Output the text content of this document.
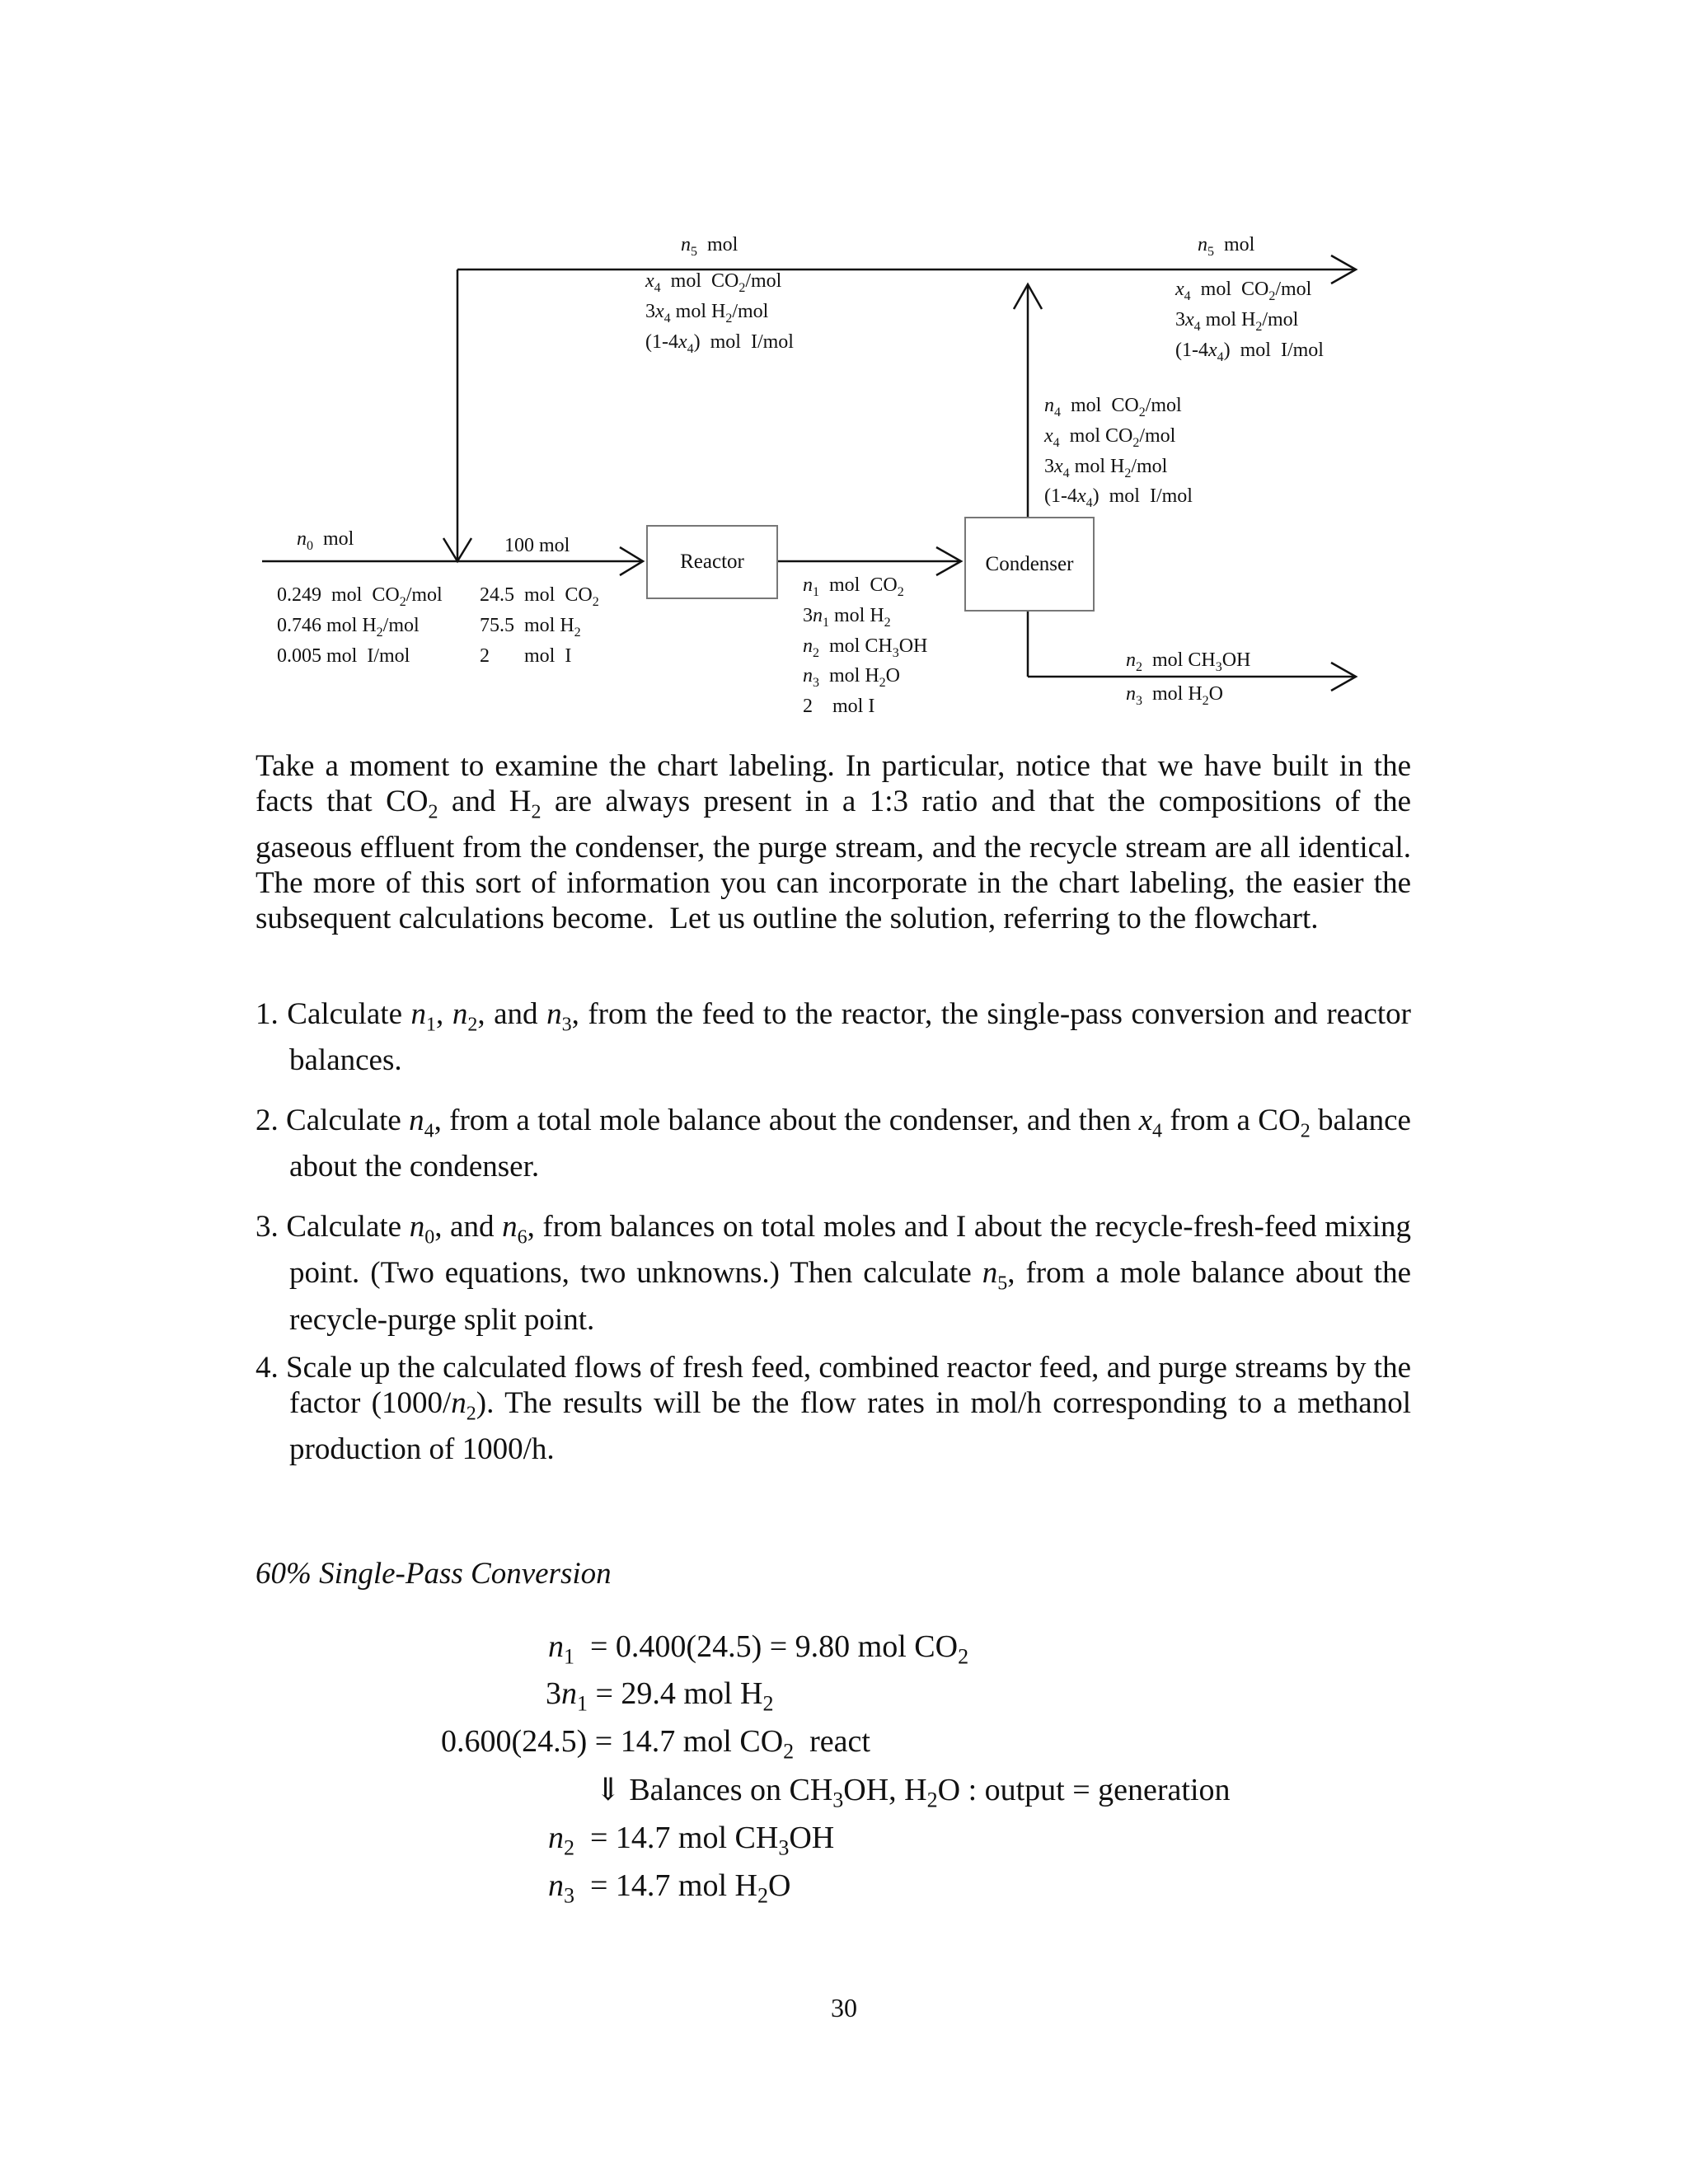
Reactor	Condenser
$n_5$  mol
$x_4$  mol  $CO_2$/mol
$3x_4$ mol $H_2$/mol
$(1-4x_4)$  mol  I/mol
$n_5$  mol
$x_4$  mol  $CO_2$/mol
$3x_4$ mol $H_2$/mol
$(1-4x_4)$  mol  I/mol
$n_4$  mol  $CO_2$/mol
$x_4$  mol $CO_2$/mol
$3x_4$ mol $H_2$/mol
$(1-4x_4)$  mol  I/mol
$n_0$  mol
0.249  mol  $CO_2$/mol
0.746 mol $H_2$/mol
0.005 mol  I/mol
100 mol
24.5  mol  $CO_2$
75.5  mol $H_2$
2       mol  I
$n_1$  mol  $CO_2$
$3n_1$ mol $H_2$
$n_2$  mol $CH_3OH$
$n_3$  mol $H_2O$
2    mol I
$n_2$  mol $CH_3OH$
$n_3$  mol $H_2O$
Take a moment to examine the chart labeling. In particular, notice that we have built in the facts that $CO_2$ and $H_2$ are always present in a 1:3 ratio and that the compositions of the gaseous effluent from the condenser, the purge stream, and the recycle stream are all identical. The more of this sort of information you can incorporate in the chart labeling, the easier the subsequent calculations become.  Let us outline the solution, referring to the flowchart.
1. Calculate $n_1$, $n_2$, and $n_3$, from the feed to the reactor, the single-pass conversion and reactor balances.
2. Calculate $n_4$, from a total mole balance about the condenser, and then $x_4$ from a $CO_2$ balance about the condenser.
3. Calculate $n_0$, and $n_6$, from balances on total moles and I about the recycle-fresh-feed mixing point. (Two equations, two unknowns.) Then calculate $n_5$, from a mole balance about the recycle-purge split point.
4. Scale up the calculated flows of fresh feed, combined reactor feed, and purge streams by the factor $(1000/n_2)$. The results will be the flow rates in mol/h corresponding to a methanol production of 1000/h.
60% Single-Pass Conversion
$n_1 = 0.400(24.5) = 9.80$ mol $CO_2$
$3n_1 = 29.4$ mol $H_2$
0.600(24.5) = 14.7 mol $CO_2$  react
⇓ Balances on $CH_3OH$, $H_2O$ : output = generation
$n_2 = 14.7$ mol $CH_3OH$
$n_3 = 14.7$ mol $H_2O$
30
